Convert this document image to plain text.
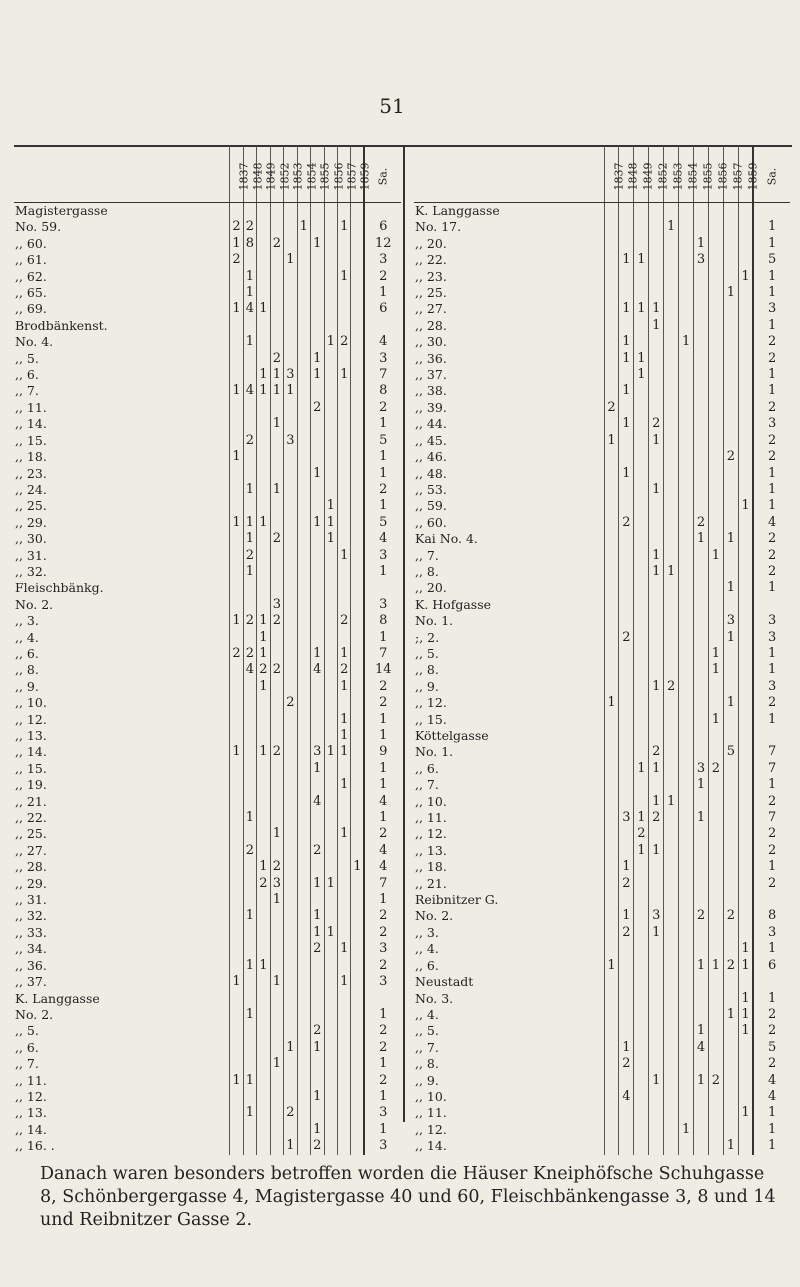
51
	1837	1848	1849	1852	1853	1854	1855	1856	1857	1859	Sa.
Magistergasse											
No. 59.	2	2				1			1		6
,, 60.	1	8		2			1				12
,, 61.	2				1						3
,, 62.		1							1		2
,, 65.		1									1
,, 69.	1	4	1								6
Brodbänkenst.											
No. 4.		1						1	2		4
,, 5.				2			1				3
,, 6.			1	1	3		1		1		7
,, 7.	1	4	1	1	1						8
,, 11.							2				2
,, 14.				1							1
,, 15.		2			3						5
,, 18.	1										1
,, 23.							1				1
,, 24.		1		1							2
,, 25.								1			1
,, 29.	1	1	1				1	1			5
,, 30.		1		2				1			4
,, 31.		2							1		3
,, 32.		1									1
Fleischbänkg.											
No. 2.				3							3
,, 3.	1	2	1	2					2		8
,, 4.			1								1
,, 6.	2	2	1				1		1		7
,, 8.		4	2	2			4		2		14
,, 9.			1						1		2
,, 10.					2						2
,, 12.									1		1
,, 13.									1		1
,, 14.	1		1	2			3	1	1		9
,, 15.							1				1
,, 19.									1		1
,, 21.							4				4
,, 22.		1									1
,, 25.				1					1		2
,, 27.		2					2				4
,, 28.			1	2						1	4
,, 29.			2	3			1	1			7
,, 31.				1							1
,, 32.		1					1				2
,, 33.							1	1			2
,, 34.							2		1		3
,, 36.		1	1								2
,, 37.	1			1					1		3
K. Langgasse											
No. 2.		1									1
,, 5.							2				2
,, 6.					1		1				2
,, 7.				1							1
,, 11.	1	1									2
,, 12.							1				1
,, 13.		1			2						3
,, 14.							1				1
,, 16. .					1		2				3
	1837	1848	1849	1852	1853	1854	1855	1856	1857	1859	Sa.
K. Langgasse											
No. 17.					1						1
,, 20.							1				1
,, 22.		1	1				3				5
,, 23.										1	1
,, 25.									1		1
,, 27.		1	1	1							3
,, 28.				1							1
,, 30.		1				1					2
,, 36.		1	1								2
,, 37.			1								1
,, 38.		1									1
,, 39.	2										2
,, 44.		1		2							3
,, 45.	1			1							2
,, 46.									2		2
,, 48.		1									1
,, 53.				1							1
,, 59.										1	1
,, 60.		2					2				4
Kai No. 4.							1		1		2
,, 7.				1				1			2
,, 8.				1	1						2
,, 20.									1		1
K. Hofgasse											
No. 1.									3		3
;, 2.		2							1		3
,, 5.								1			1
,, 8.								1			1
,, 9.				1	2						3
,, 12.	1								1		2
,, 15.								1			1
Köttelgasse											
No. 1.				2					5		7
,, 6.			1	1			3	2			7
,, 7.							1				1
,, 10.				1	1						2
,, 11.		3	1	2			1				7
,, 12.			2								2
,, 13.			1	1							2
,, 18.		1									1
,, 21.		2									2
Reibnitzer G.											
No. 2.		1		3			2		2		8
,, 3.		2		1							3
,, 4.										1	1
,, 6.	1						1	1	2	1	6
Neustadt											
No. 3.										1	1
,, 4.									1	1	2
,, 5.							1			1	2
,, 7.		1					4				5
,, 8.		2									2
,, 9.				1			1	2			4
,, 10.		4									4
,, 11.										1	1
,, 12.						1					1
,, 14.									1		1
Danach waren besonders betroffen worden die Häuser Kneiphöfsche Schuhgasse 8, Schönbergergasse 4, Magistergasse 40 und 60, Fleischbänkengasse 3, 8 und 14 und Reibnitzer Gasse 2.
